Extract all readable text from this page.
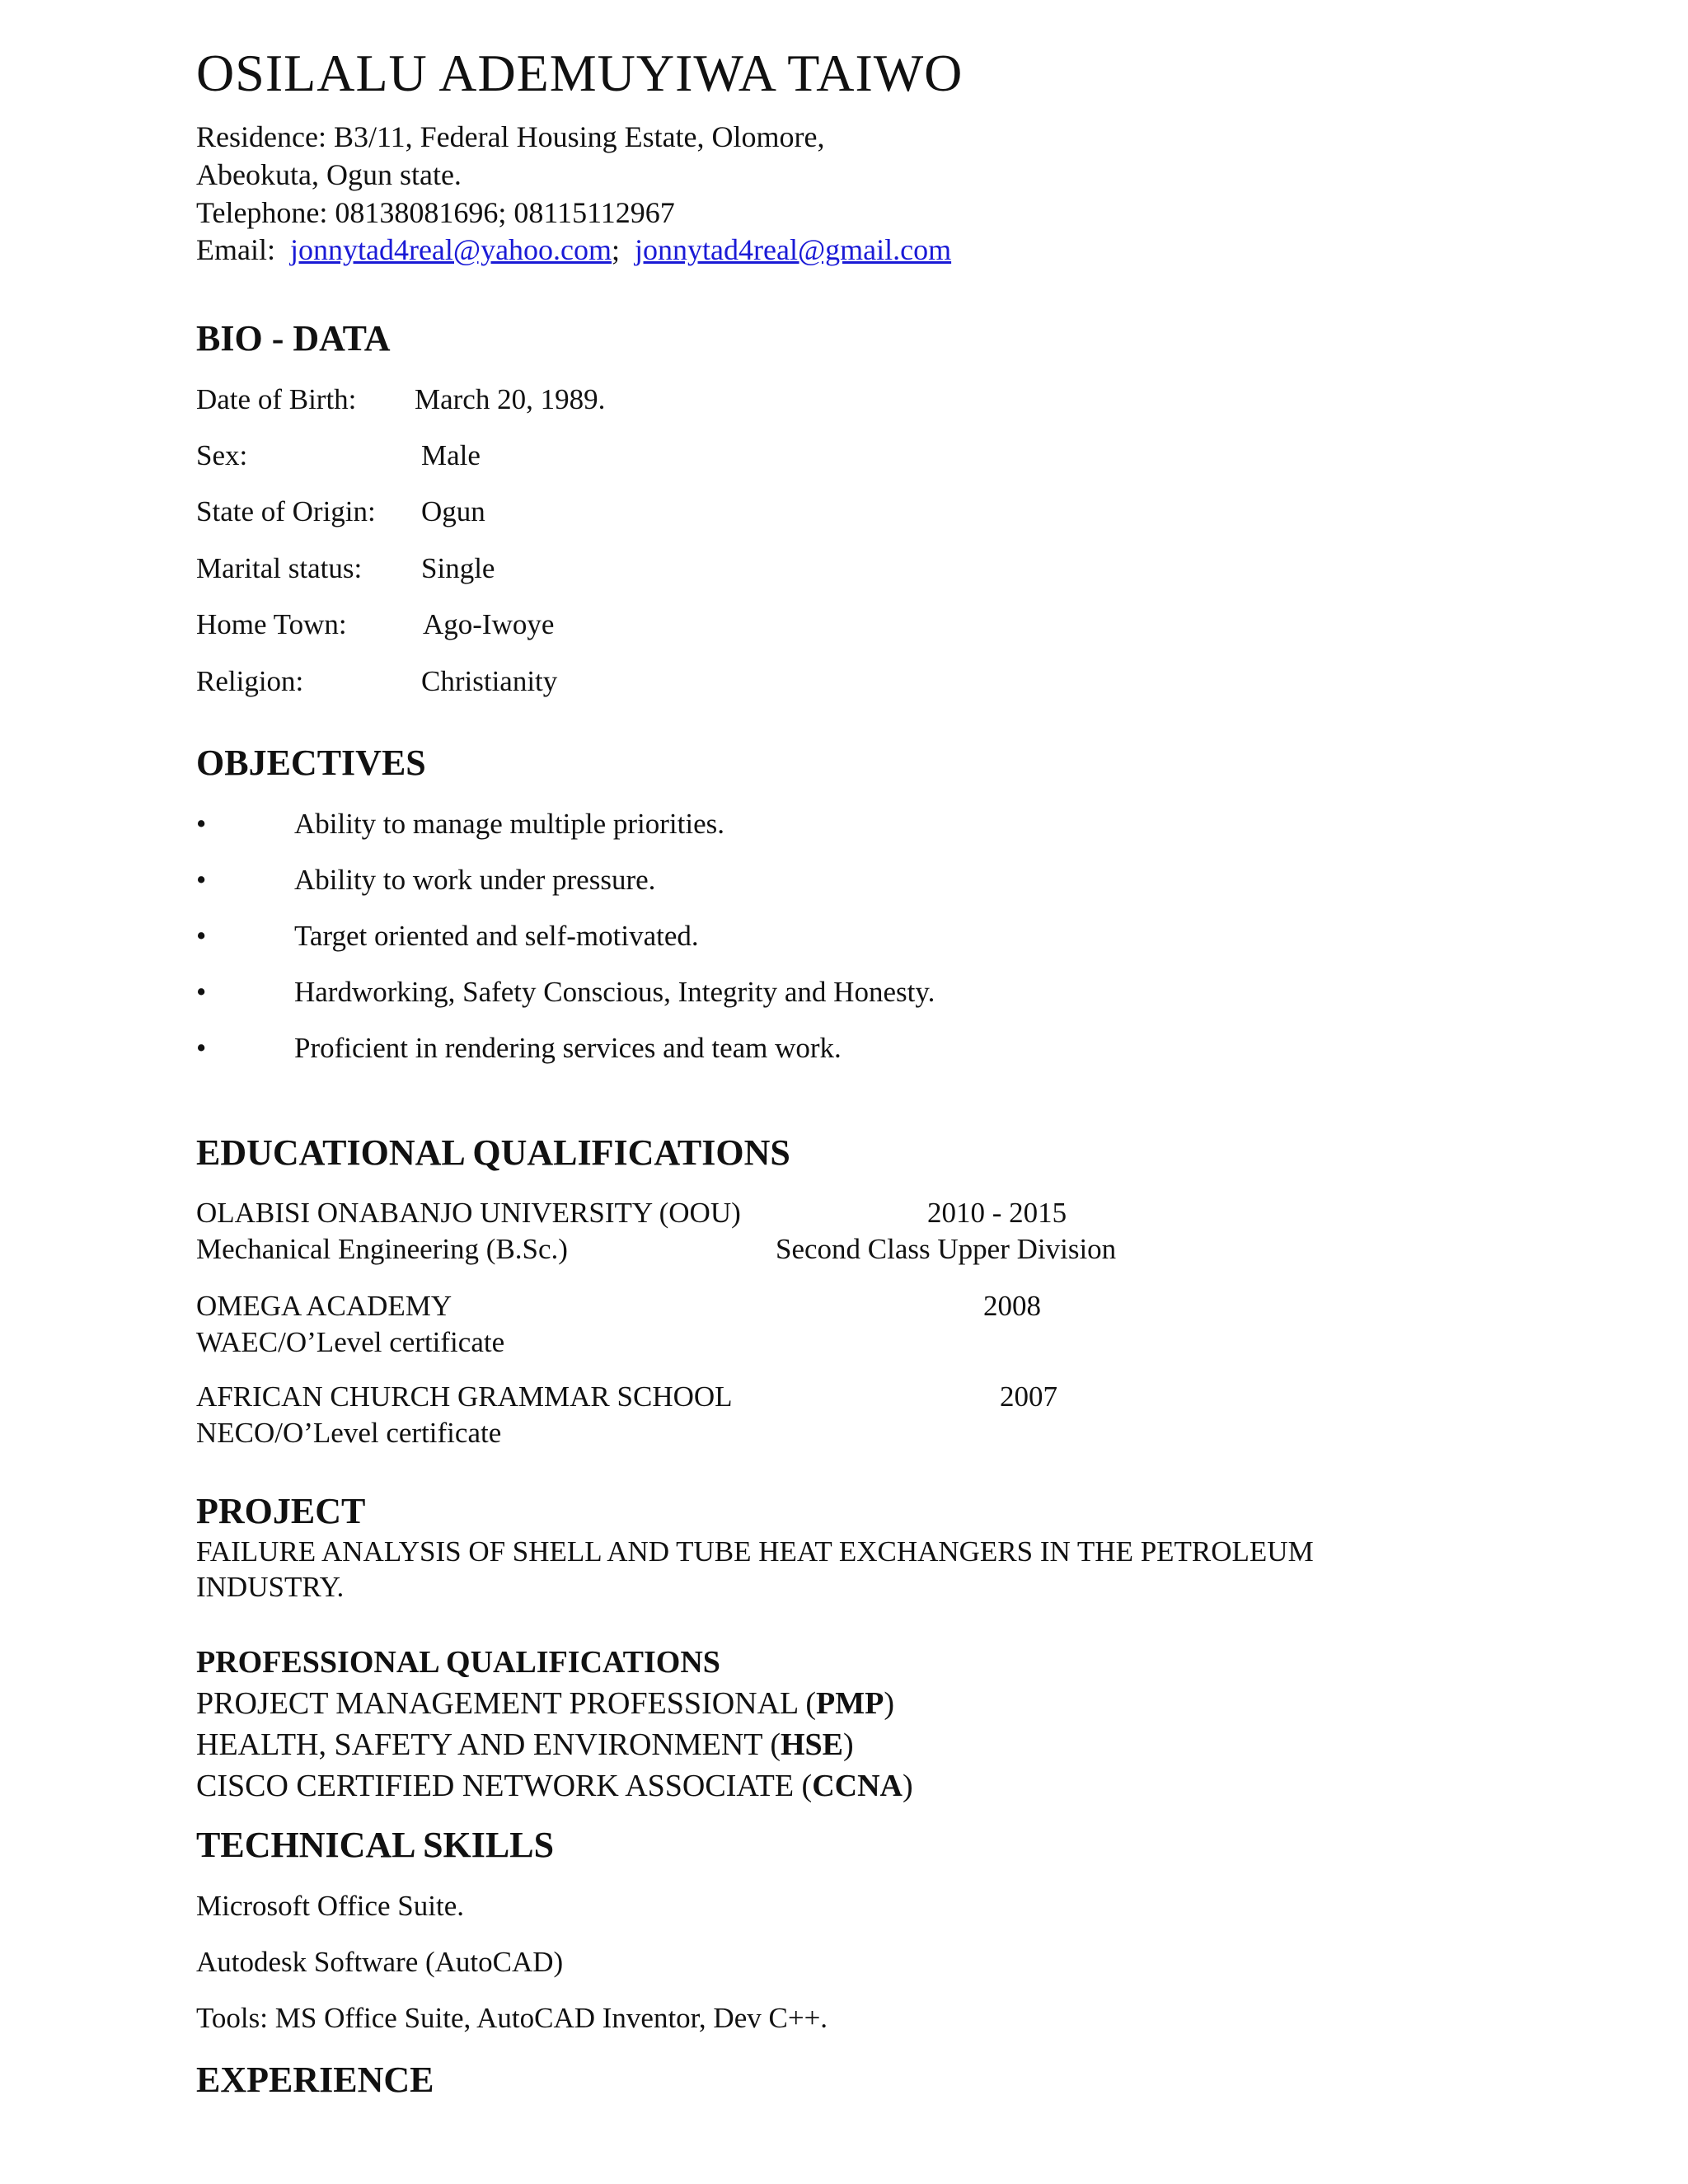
OSILALU ADEMUYIWA TAIWO
Residence: B3/11, Federal Housing Estate, Olomore,
Abeokuta, Ogun state.
Telephone: 08138081696; 08115112967
Email: jonnytad4real@yahoo.com; jonnytad4real@gmail.com
BIO - DATA
Date of Birth: March 20, 1989.
Sex:	Male
State of Origin: Ogun
Marital status: Single
Home Town:	Ago-Iwoye
Religion:	Christianity
OBJECTIVES
•	Ability to manage multiple priorities.
•	Ability to work under pressure.
•	Target oriented and self-motivated.
•	Hardworking, Safety Conscious, Integrity and Honesty.
•	Proficient in rendering services and team work.
EDUCATIONAL QUALIFICATIONS
OLABISI ONABANJO UNIVERSITY (OOU)	2010 - 2015
Mechanical Engineering (B.Sc.)	Second Class Upper Division
OMEGA ACADEMY	2008
WAEC/O’Level certificate
AFRICAN CHURCH GRAMMAR SCHOOL	2007
NECO/O’Level certificate
PROJECT
FAILURE ANALYSIS OF SHELL AND TUBE HEAT EXCHANGERS IN THE PETROLEUM
INDUSTRY.
PROFESSIONAL QUALIFICATIONS
PROJECT MANAGEMENT PROFESSIONAL (PMP)
HEALTH, SAFETY AND ENVIRONMENT (HSE)
CISCO CERTIFIED NETWORK ASSOCIATE (CCNA)
TECHNICAL SKILLS
Microsoft Office Suite.
Autodesk Software (AutoCAD)
Tools: MS Office Suite, AutoCAD Inventor, Dev C++.
EXPERIENCE
